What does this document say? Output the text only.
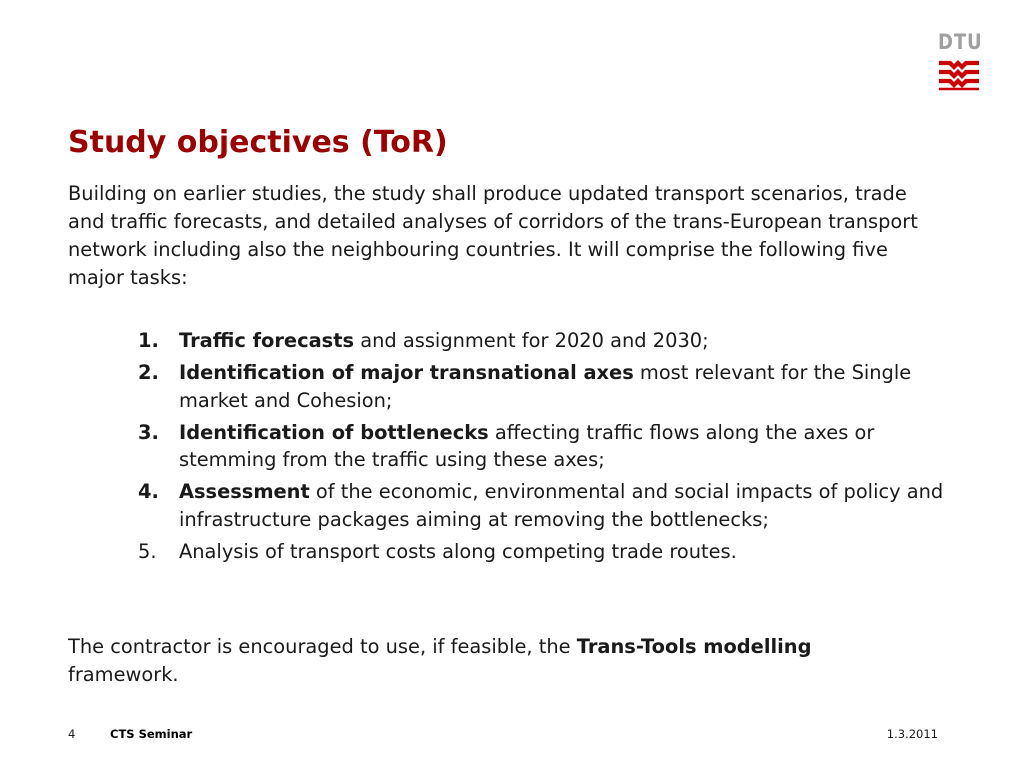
DTU
Study objectives (ToR)

Building on earlier studies, the study shall produce updated transport scenarios, trade and traffic forecasts, and detailed analyses of corridors of the trans-European transport network including also the neighbouring countries. It will comprise the following five major tasks:

1.	Traffic forecasts and assignment for 2020 and 2030;
2.	Identification of major transnational axes most relevant for the Single market and Cohesion;
3.	Identification of bottlenecks affecting traffic flows along the axes or stemming from the traffic using these axes;
4.	Assessment of the economic, environmental and social impacts of policy and infrastructure packages aiming at removing the bottlenecks;
5.	Analysis of transport costs along competing trade routes.

The contractor is encouraged to use, if feasible, the Trans-Tools modelling framework.

4	CTS Seminar	1.3.2011
